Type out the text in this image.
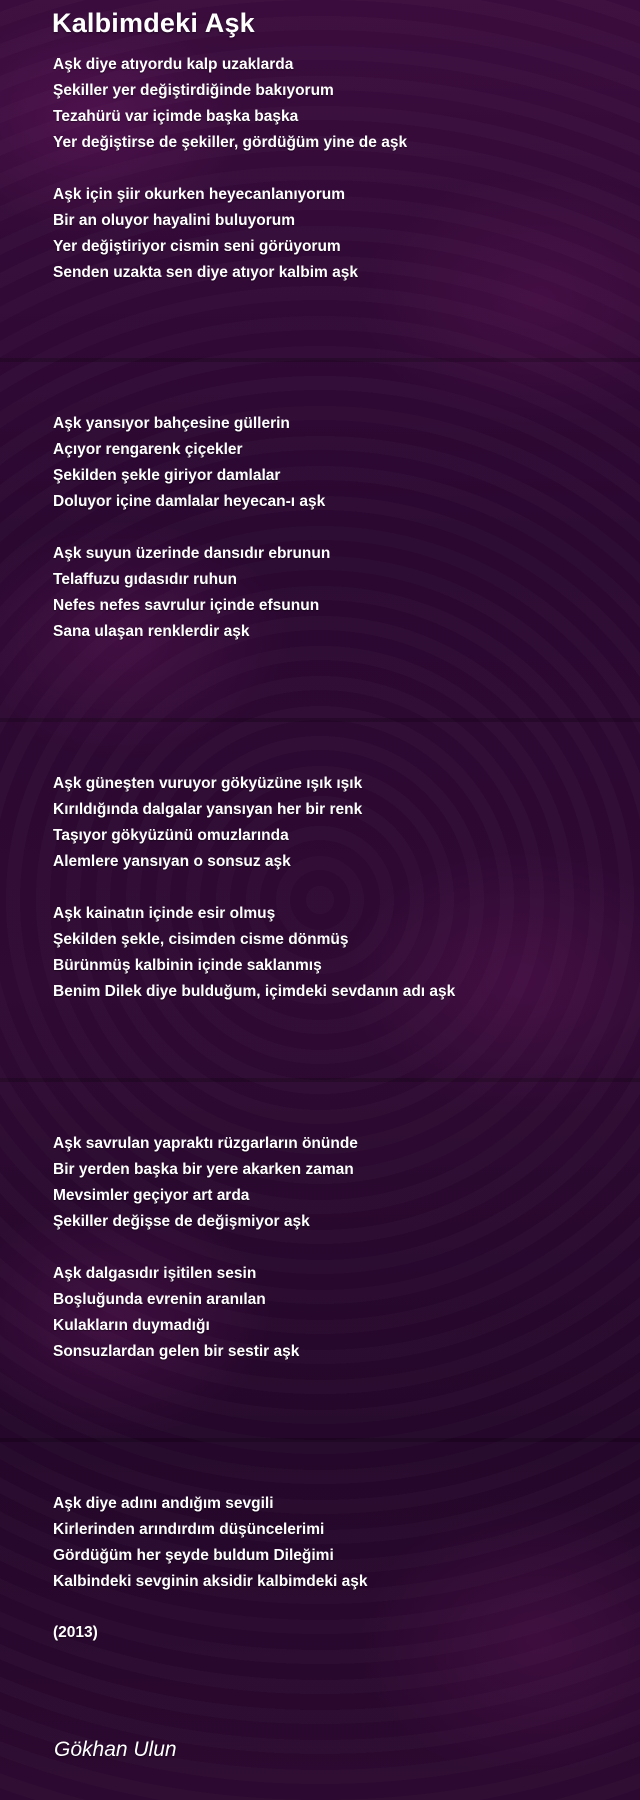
Kalbimdeki Aşk
Aşk diye atıyordu kalp uzaklarda
Şekiller yer değiştirdiğinde bakıyorum
Tezahürü var içimde başka başka
Yer değiştirse de şekiller, gördüğüm yine de aşk
Aşk için şiir okurken heyecanlanıyorum
Bir an oluyor hayalini buluyorum
Yer değiştiriyor cismin seni görüyorum
Senden uzakta sen diye atıyor kalbim aşk
Aşk yansıyor bahçesine güllerin
Açıyor rengarenk çiçekler
Şekilden şekle giriyor damlalar
Doluyor içine damlalar heyecan-ı aşk
Aşk suyun üzerinde dansıdır ebrunun
Telaffuzu gıdasıdır ruhun
Nefes nefes savrulur içinde efsunun
Sana ulaşan renklerdir aşk
Aşk güneşten vuruyor gökyüzüne ışık ışık
Kırıldığında dalgalar yansıyan her bir renk
Taşıyor gökyüzünü omuzlarında
Alemlere yansıyan o sonsuz aşk
Aşk kainatın içinde esir olmuş
Şekilden şekle, cisimden cisme dönmüş
Bürünmüş kalbinin içinde saklanmış
Benim Dilek diye bulduğum, içimdeki sevdanın adı aşk
Aşk savrulan yapraktı rüzgarların önünde
Bir yerden başka bir yere akarken zaman
Mevsimler geçiyor art arda
Şekiller değişse de değişmiyor aşk
Aşk dalgasıdır işitilen sesin
Boşluğunda evrenin aranılan
Kulakların duymadığı
Sonsuzlardan gelen bir sestir aşk
Aşk diye adını andığım sevgili
Kirlerinden arındırdım düşüncelerimi
Gördüğüm her şeyde buldum Dileğimi
Kalbindeki sevginin aksidir kalbimdeki aşk
(2013)
Gökhan Ulun
